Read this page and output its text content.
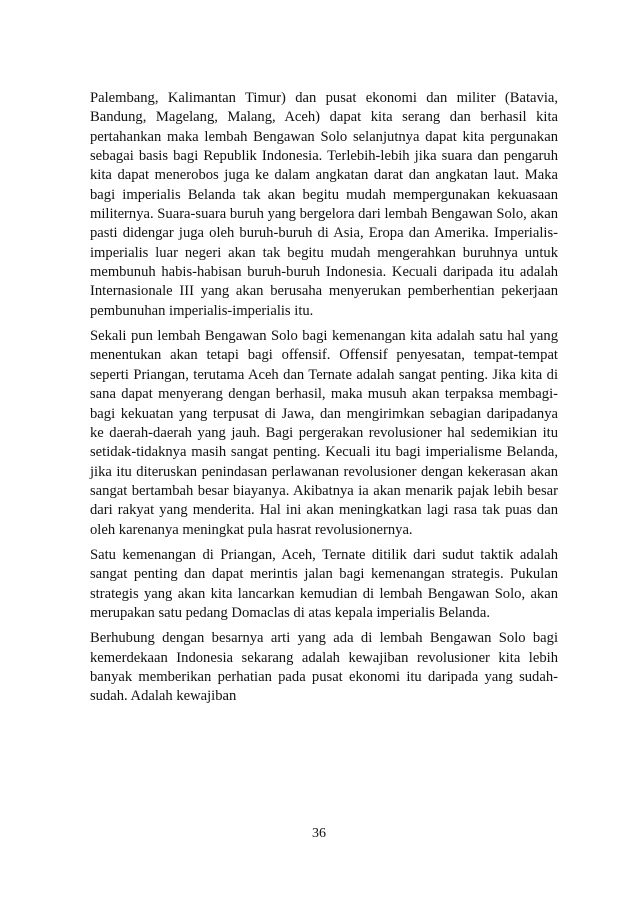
Palembang, Kalimantan Timur) dan pusat ekonomi dan militer (Batavia, Bandung, Magelang, Malang, Aceh) dapat kita serang dan berhasil kita pertahankan maka lembah Bengawan Solo selanjutnya dapat kita pergunakan sebagai basis bagi Republik Indonesia. Terlebih-lebih jika suara dan pengaruh kita dapat menerobos juga ke dalam angkatan darat dan angkatan laut. Maka bagi imperialis Belanda tak akan begitu mudah mempergunakan kekuasaan militernya. Suara-suara buruh yang bergelora dari lembah Bengawan Solo, akan pasti didengar juga oleh buruh-buruh di Asia, Eropa dan Amerika. Imperialis-imperialis luar negeri akan tak begitu mudah mengerahkan buruhnya untuk membunuh habis-habisan buruh-buruh Indonesia. Kecuali daripada itu adalah Internasionale III yang akan berusaha menyerukan pemberhentian pekerjaan pembunuhan imperialis-imperialis itu.

Sekali pun lembah Bengawan Solo bagi kemenangan kita adalah satu hal yang menentukan akan tetapi bagi offensif. Offensif penyesatan, tempat-tempat seperti Priangan, terutama Aceh dan Ternate adalah sangat penting. Jika kita di sana dapat menyerang dengan berhasil, maka musuh akan terpaksa membagi-bagi kekuatan yang terpusat di Jawa, dan mengirimkan sebagian daripadanya ke daerah-daerah yang jauh. Bagi pergerakan revolusioner hal sedemikian itu setidak-tidaknya masih sangat penting. Kecuali itu bagi imperialisme Belanda, jika itu diteruskan penindasan perlawanan revolusioner dengan kekerasan akan sangat bertambah besar biayanya. Akibatnya ia akan menarik pajak lebih besar dari rakyat yang menderita. Hal ini akan meningkatkan lagi rasa tak puas dan oleh karenanya meningkat pula hasrat revolusionernya.

Satu kemenangan di Priangan, Aceh, Ternate ditilik dari sudut taktik adalah sangat penting dan dapat merintis jalan bagi kemenangan strategis. Pukulan strategis yang akan kita lancarkan kemudian di lembah Bengawan Solo, akan merupakan satu pedang Domaclas di atas kepala imperialis Belanda.

Berhubung dengan besarnya arti yang ada di lembah Bengawan Solo bagi kemerdekaan Indonesia sekarang adalah kewajiban revolusioner kita lebih banyak memberikan perhatian pada pusat ekonomi itu daripada yang sudah-sudah. Adalah kewajiban

36
